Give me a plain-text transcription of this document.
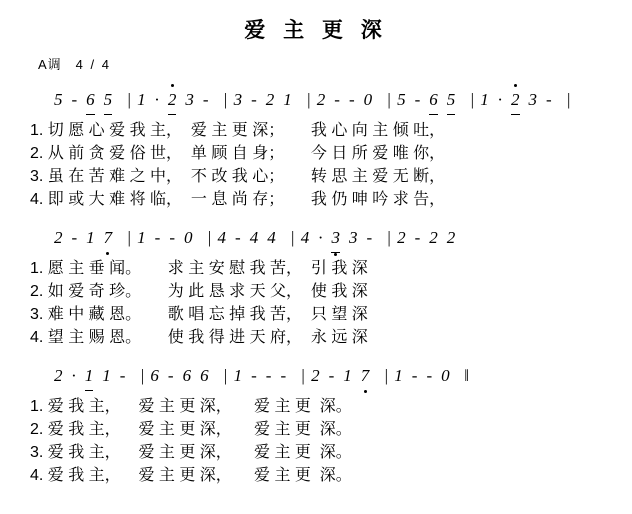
爱 主 更 深
A调 4 / 4
5 - 6 5 | 1 · 2 3 - | 3 - 2 1 | 2 - - 0 | 5 - 6 5 | 1 · 2 3 - |
1. 切 愿 心 爱 我 主，  爱 主 更 深；      我 心 向 主 倾 吐，
2. 从 前 贪 爱 俗 世，  单 顾 自 身；      今 日 所 爱 唯 你，
3. 虽 在 苦 难 之 中，  不 改 我 心；      转 思 主 爱 无 断，
4. 即 或 大 难 将 临，  一 息 尚 存；      我 仍 呻 吟 求 告，
2 - 1 7 | 1 - - 0 | 4 - 4 4 | 4 · 3 3 - | 2 - 2 2
1. 愿 主 垂 闻。      求 主 安 慰 我 苦，  引 我 深
2. 如 爱 奇 珍。      为 此 恳 求 天 父，  使 我 深
3. 难 中 藏 恩。      歌 唱 忘 掉 我 苦，  只 望 深
4. 望 主 赐 恩。      使 我 得 进 天 府，  永 远 深
2 · 1 1 - | 6 - 6 6 | 1 - - - | 2 - 1 7 | 1 - - 0 ‖
1. 爱 我 主，    爱 主 更 深，     爱 主 更  深。
2. 爱 我 主，    爱 主 更 深，     爱 主 更  深。
3. 爱 我 主，    爱 主 更 深，     爱 主 更  深。
4. 爱 我 主，    爱 主 更 深，     爱 主 更  深。
